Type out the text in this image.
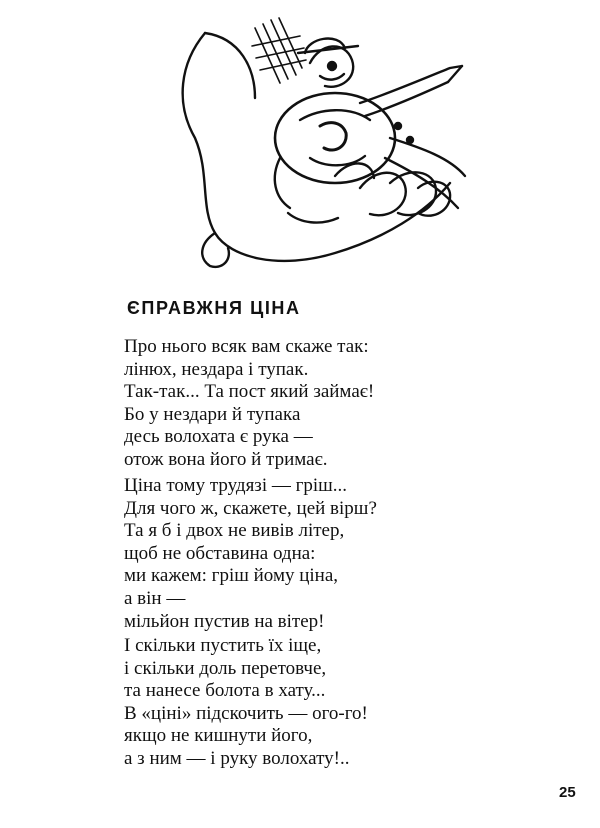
ЄПРАВЖНЯ ЦІНА
Про нього всяк вам скаже так:
лінюх, нездара і тупак.
Так-так... Та пост який займає!
Бо у нездари й тупака
десь волохата є рука —
отож вона його й тримає.
Ціна тому трудязі — гріш...
Для чого ж, скажете, цей вірш?
Та я б і двох не вивів літер,
щоб не обставина одна:
ми кажем: гріш йому ціна,
а він —
мільйон пустив на вітер!
І скільки пустить їх іще,
і скільки доль перетовче,
та нанесе болота в хату...
В «ціні» підскочить — ого-го!
якщо не кишнути його,
а з ним — і руку волохату!..
25
